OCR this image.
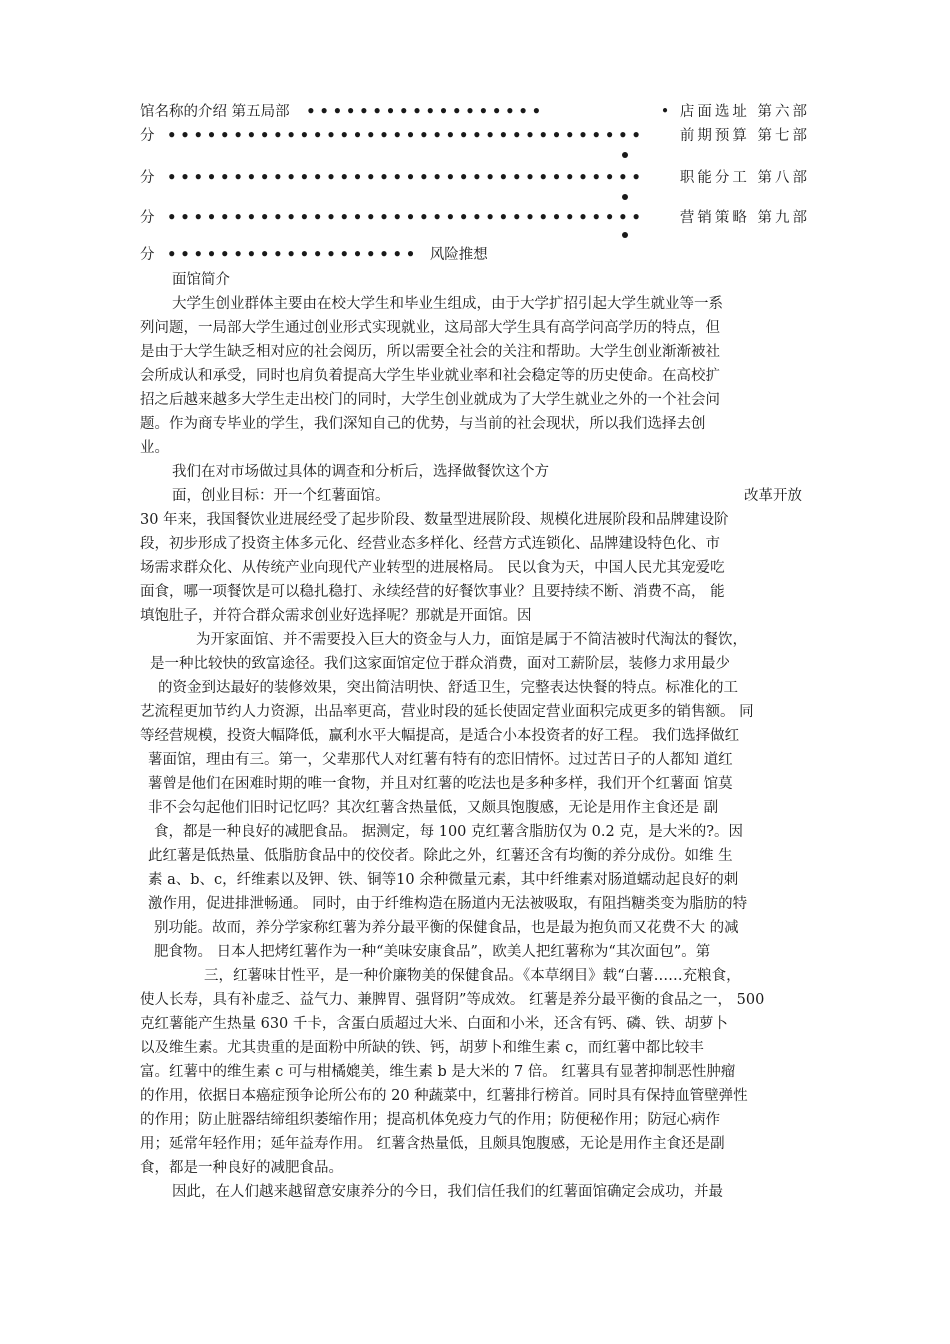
馆名称的介绍 第五局部 ••••••••••••••••••	• 店面选址 第六部
分 •••••••••••••••••••••••••••••••••••• 前期预算 第七部
分 •••••••••••••••••••••••••••••••••••• 职能分工 第八部
分 •••••••••••••••••••••••••••••••••••• 营销策略 第九部
分 ••••••••••••••••••• 风险推想
面馆简介
大学生创业群体主要由在校大学生和毕业生组成，由于大学扩招引起大学生就业等一系
列问题，一局部大学生通过创业形式实现就业，这局部大学生具有高学问高学历的特点，但
是由于大学生缺乏相对应的社会阅历，所以需要全社会的关注和帮助。大学生创业渐渐被社
会所成认和承受，同时也肩负着提高大学生毕业就业率和社会稳定等的历史使命。在高校扩
招之后越来越多大学生走出校门的同时，大学生创业就成为了大学生就业之外的一个社会问
题。作为商专毕业的学生，我们深知自己的优势，与当前的社会现状，所以我们选择去创
业。
我们在对市场做过具体的调查和分析后，选择做餐饮这个方
面，创业目标：开一个红薯面馆。	改革开放
30 年来，我国餐饮业进展经受了起步阶段、数量型进展阶段、规模化进展阶段和品牌建设阶
段，初步形成了投资主体多元化、经营业态多样化、经营方式连锁化、品牌建设特色化、市
场需求群众化、从传统产业向现代产业转型的进展格局。 民以食为天，中国人民尤其宠爱吃
面食，哪一项餐饮是可以稳扎稳打、永续经营的好餐饮事业？且要持续不断、消费不高， 能
填饱肚子，并符合群众需求创业好选择呢？那就是开面馆。因
为开家面馆、并不需要投入巨大的资金与人力，面馆是属于不简洁被时代淘汰的餐饮，
是一种比较快的致富途径。我们这家面馆定位于群众消费，面对工薪阶层，装修力求用最少
的资金到达最好的装修效果，突出简洁明快、舒适卫生，完整表达快餐的特点。标准化的工
艺流程更加节约人力资源，出品率更高，营业时段的延长使固定营业面积完成更多的销售额。 同
等经营规模，投资大幅降低，赢利水平大幅提高，是适合小本投资者的好工程。 我们选择做红
薯面馆，理由有三。第一，父辈那代人对红薯有特有的恋旧情怀。过过苦日子的人都知 道红
薯曾是他们在困难时期的唯一食物，并且对红薯的吃法也是多种多样，我们开个红薯面 馆莫
非不会勾起他们旧时记忆吗？其次红薯含热量低，又颇具饱腹感，无论是用作主食还是 副
食，都是一种良好的减肥食品。 据测定，每 100 克红薯含脂肪仅为 0.2 克，是大米的?。因
此红薯是低热量、低脂肪食品中的佼佼者。除此之外，红薯还含有均衡的养分成份。如维 生
素 a、b、c，纤维素以及钾、铁、铜等10 余种微量元素，其中纤维素对肠道蠕动起良好的刺
激作用，促进排泄畅通。 同时，由于纤维构造在肠道内无法被吸取，有阻挡糖类变为脂肪的特
别功能。故而，养分学家称红薯为养分最平衡的保健食品，也是最为抱负而又花费不大 的减
肥食物。 日本人把烤红薯作为一种“美味安康食品”，欧美人把红薯称为“其次面包”。第
三，红薯味甘性平，是一种价廉物美的保健食品。《本草纲目》载“白薯……充粮食，
使人长寿，具有补虚乏、益气力、兼脾胃、强肾阴”等成效。 红薯是养分最平衡的食品之一， 500
克红薯能产生热量 630 千卡，含蛋白质超过大米、白面和小米，还含有钙、磷、铁、胡萝卜
以及维生素。尤其贵重的是面粉中所缺的铁、钙，胡萝卜和维生素 c，而红薯中都比较丰
富。红薯中的维生素 c 可与柑橘媲美，维生素 b 是大米的 7 倍。 红薯具有显著抑制恶性肿瘤
的作用，依据日本癌症预争论所公布的 20 种蔬菜中，红薯排行榜首。同时具有保持血管壁弹性
的作用；防止脏器结缔组织萎缩作用；提高机体免疫力气的作用；防便秘作用；防冠心病作
用；延常年轻作用；延年益寿作用。 红薯含热量低，且颇具饱腹感，无论是用作主食还是副
食，都是一种良好的减肥食品。
因此，在人们越来越留意安康养分的今日，我们信任我们的红薯面馆确定会成功，并最
